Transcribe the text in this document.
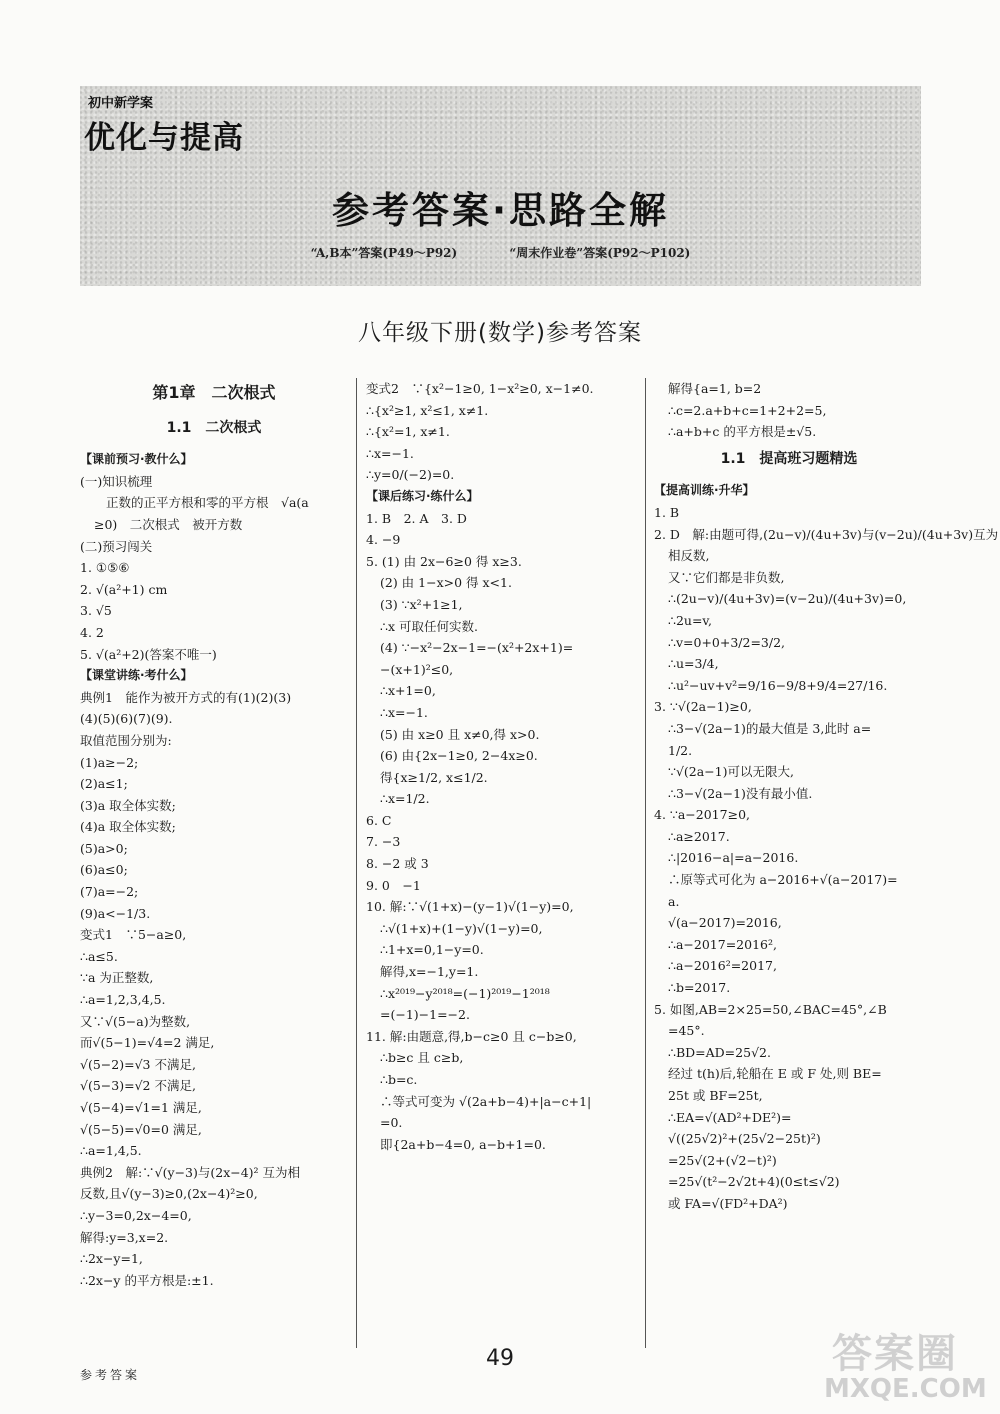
初中新学案
优化与提高
参考答案·思路全解
“A,B本”答案(P49～P92)	“周末作业卷”答案(P92～P102)
八年级下册(数学)参考答案
第1章　二次根式
1.1　二次根式
【课前预习·教什么】
(一)知识梳理
正数的正平方根和零的平方根　√a(a
≥0)　二次根式　被开方数
(二)预习闯关
1. ①⑤⑥
2. √(a²+1) cm
3. √5
4. 2
5. √(a²+2)(答案不唯一)
【课堂讲练·考什么】
典例1　能作为被开方式的有(1)(2)(3)
(4)(5)(6)(7)(9).
取值范围分别为:
(1)a≥−2;
(2)a≤1;
(3)a 取全体实数;
(4)a 取全体实数;
(5)a>0;
(6)a≤0;
(7)a=−2;
(9)a<−1/3.
变式1　∵5−a≥0,
∴a≤5.
∵a 为正整数,
∴a=1,2,3,4,5.
又∵√(5−a)为整数,
而√(5−1)=√4=2 满足,
√(5−2)=√3 不满足,
√(5−3)=√2 不满足,
√(5−4)=√1=1 满足,
√(5−5)=√0=0 满足,
∴a=1,4,5.
典例2　解:∵√(y−3)与(2x−4)² 互为相
反数,且√(y−3)≥0,(2x−4)²≥0,
∴y−3=0,2x−4=0,
解得:y=3,x=2.
∴2x−y=1,
∴2x−y 的平方根是:±1.
变式2　∵{x²−1≥0, 1−x²≥0, x−1≠0.
∴{x²≥1, x²≤1, x≠1.
∴{x²=1, x≠1.
∴x=−1.
∴y=0/(−2)=0.
【课后练习·练什么】
1. B　2. A　3. D
4. −9
5. (1) 由 2x−6≥0 得 x≥3.
(2) 由 1−x>0 得 x<1.
(3) ∵x²+1≥1,
∴x 可取任何实数.
(4) ∵−x²−2x−1=−(x²+2x+1)=
−(x+1)²≤0,
∴x+1=0,
∴x=−1.
(5) 由 x≥0 且 x≠0,得 x>0.
(6) 由{2x−1≥0, 2−4x≥0.
得{x≥1/2, x≤1/2.
∴x=1/2.
6. C
7. −3
8. −2 或 3
9. 0　−1
10. 解:∵√(1+x)−(y−1)√(1−y)=0,
∴√(1+x)+(1−y)√(1−y)=0,
∴1+x=0,1−y=0.
解得,x=−1,y=1.
∴x²⁰¹⁹−y²⁰¹⁸=(−1)²⁰¹⁹−1²⁰¹⁸
=(−1)−1=−2.
11. 解:由题意,得,b−c≥0 且 c−b≥0,
∴b≥c 且 c≥b,
∴b=c.
∴等式可变为 √(2a+b−4)+|a−c+1|
=0.
即{2a+b−4=0, a−b+1=0.
解得{a=1, b=2
∴c=2.a+b+c=1+2+2=5,
∴a+b+c 的平方根是±√5.
1.1　提高班习题精选
【提高训练·升华】
1. B
2. D　解:由题可得,(2u−v)/(4u+3v)与(v−2u)/(4u+3v)互为
相反数,
又∵它们都是非负数,
∴(2u−v)/(4u+3v)=(v−2u)/(4u+3v)=0,
∴2u=v,
∴v=0+0+3/2=3/2,
∴u=3/4,
∴u²−uv+v²=9/16−9/8+9/4=27/16.
3. ∵√(2a−1)≥0,
∴3−√(2a−1)的最大值是 3,此时 a=
1/2.
∵√(2a−1)可以无限大,
∴3−√(2a−1)没有最小值.
4. ∵a−2017≥0,
∴a≥2017.
∴|2016−a|=a−2016.
∴原等式可化为 a−2016+√(a−2017)=
a.
√(a−2017)=2016,
∴a−2017=2016²,
∴a−2016²=2017,
∴b=2017.
5. 如图,AB=2×25=50,∠BAC=45°,∠B
=45°.
∴BD=AD=25√2.
经过 t(h)后,轮船在 E 或 F 处,则 BE=
25t 或 BF=25t,
∴EA=√(AD²+DE²)=
√((25√2)²+(25√2−25t)²)
=25√(2+(√2−t)²)
=25√(t²−2√2t+4)(0≤t≤√2)
或 FA=√(FD²+DA²)
参考答案
49	答案圈
MXQE.COM
